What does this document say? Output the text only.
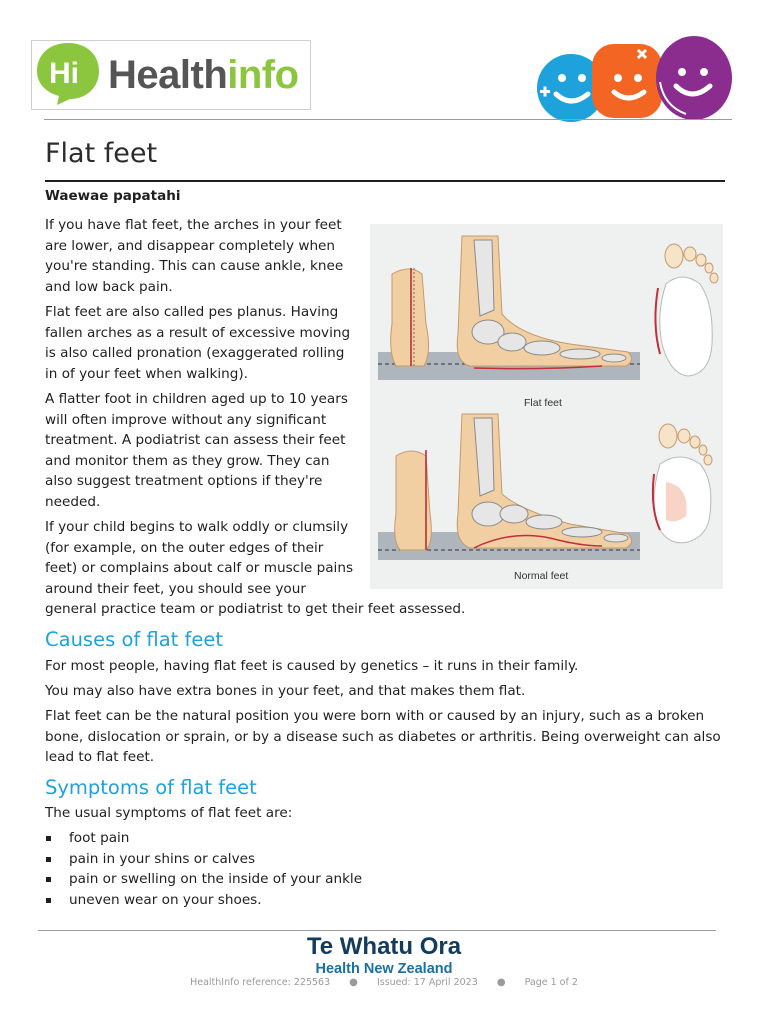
Hi Healthinfo
Flat feet
Waewae papatahi

If you have flat feet, the arches in your feet are lower, and disappear completely when you're standing. This can cause ankle, knee and low back pain.

Flat feet are also called pes planus. Having fallen arches as a result of excessive moving is also called pronation (exaggerated rolling in of your feet when walking).

A flatter foot in children aged up to 10 years will often improve without any significant treatment. A podiatrist can assess their feet and monitor them as they grow. They can also suggest treatment options if they're needed.

If your child begins to walk oddly or clumsily
(for example, on the outer edges of their
feet) or complains about calf or muscle pains
around their feet, you should see your
general practice team or podiatrist to get their feet assessed.
Flat feet
Normal feet
Causes of flat feet

For most people, having flat feet is caused by genetics – it runs in their family.

You may also have extra bones in your feet, and that makes them flat.

Flat feet can be the natural position you were born with or caused by an injury, such as a broken bone, dislocation or sprain, or by a disease such as diabetes or arthritis. Being overweight can also lead to flat feet.

Symptoms of flat feet

The usual symptoms of flat feet are:

foot pain
pain in your shins or calves
pain or swelling on the inside of your ankle
uneven wear on your shoes.
Te Whatu Ora
Health New Zealand
HealthInfo reference: 225563 ● Issued: 17 April 2023 ● Page 1 of 2
